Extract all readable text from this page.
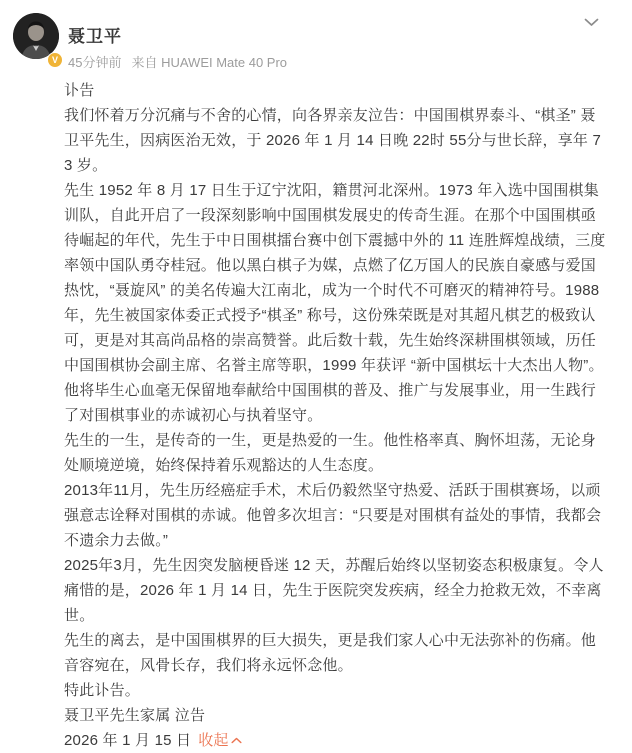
V
聂卫平
45分钟前 来自 HUAWEI Mate 40 Pro

讣告

我们怀着万分沉痛与不舍的心情，向各界亲友泣告：中国围棋界泰斗、“棋圣” 聂卫平先生，因病医治无效，于 2026 年 1 月 14 日晚 22时 55分与世长辞，享年 73 岁。

先生 1952 年 8 月 17 日生于辽宁沈阳，籍贯河北深州。1973 年入选中国围棋集训队，自此开启了一段深刻影响中国围棋发展史的传奇生涯。在那个中国围棋亟待崛起的年代，先生于中日围棋擂台赛中创下震撼中外的 11 连胜辉煌战绩，三度率领中国队勇夺桂冠。他以黑白棋子为媒，点燃了亿万国人的民族自豪感与爱国热忱，“聂旋风” 的美名传遍大江南北，成为一个时代不可磨灭的精神符号。1988 年，先生被国家体委正式授予“棋圣” 称号，这份殊荣既是对其超凡棋艺的极致认可，更是对其高尚品格的崇高赞誉。此后数十载，先生始终深耕围棋领域，历任中国围棋协会副主席、名誉主席等职，1999 年获评 “新中国棋坛十大杰出人物”。他将毕生心血毫无保留地奉献给中国围棋的普及、推广与发展事业，用一生践行了对围棋事业的赤诚初心与执着坚守。

先生的一生，是传奇的一生，更是热爱的一生。他性格率真、胸怀坦荡，无论身处顺境逆境，始终保持着乐观豁达的人生态度。

2013年11月，先生历经癌症手术，术后仍毅然坚守热爱、活跃于围棋赛场，以顽强意志诠释对围棋的赤诚。他曾多次坦言：“只要是对围棋有益处的事情，我都会不遗余力去做。”

2025年3月，先生因突发脑梗昏迷 12 天，苏醒后始终以坚韧姿态积极康复。令人痛惜的是，2026 年 1 月 14 日，先生于医院突发疾病，经全力抢救无效，不幸离世。

先生的离去，是中国围棋界的巨大损失，更是我们家人心中无法弥补的伤痛。他音容宛在，风骨长存，我们将永远怀念他。

特此讣告。

聂卫平先生家属 泣告

2026 年 1 月 15 日 收起
